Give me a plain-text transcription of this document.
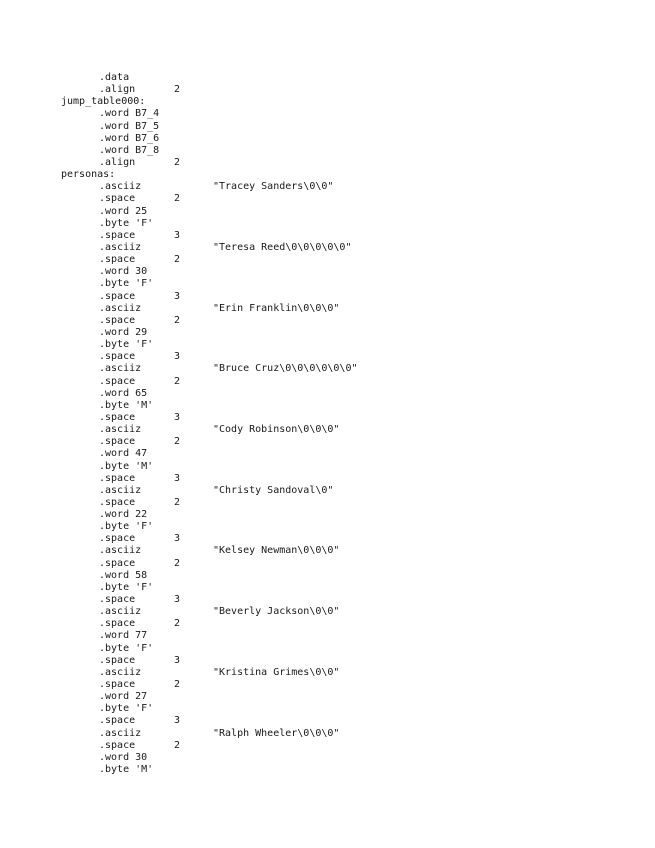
.data
.align	2
jump_table000:
.word B7_4
.word B7_5
.word B7_6
.word B7_8
.align	2
personas:
.asciiz	"Tracey Sanders\0\0"
.space	2
.word 25
.byte 'F'
.space	3
.asciiz	"Teresa Reed\0\0\0\0\0"
.space	2
.word 30
.byte 'F'
.space	3
.asciiz	"Erin Franklin\0\0\0"
.space	2
.word 29
.byte 'F'
.space	3
.asciiz	"Bruce Cruz\0\0\0\0\0\0"
.space	2
.word 65
.byte 'M'
.space	3
.asciiz	"Cody Robinson\0\0\0"
.space	2
.word 47
.byte 'M'
.space	3
.asciiz	"Christy Sandoval\0"
.space	2
.word 22
.byte 'F'
.space	3
.asciiz	"Kelsey Newman\0\0\0"
.space	2
.word 58
.byte 'F'
.space	3
.asciiz	"Beverly Jackson\0\0"
.space	2
.word 77
.byte 'F'
.space	3
.asciiz	"Kristina Grimes\0\0"
.space	2
.word 27
.byte 'F'
.space	3
.asciiz	"Ralph Wheeler\0\0\0"
.space	2
.word 30
.byte 'M'
